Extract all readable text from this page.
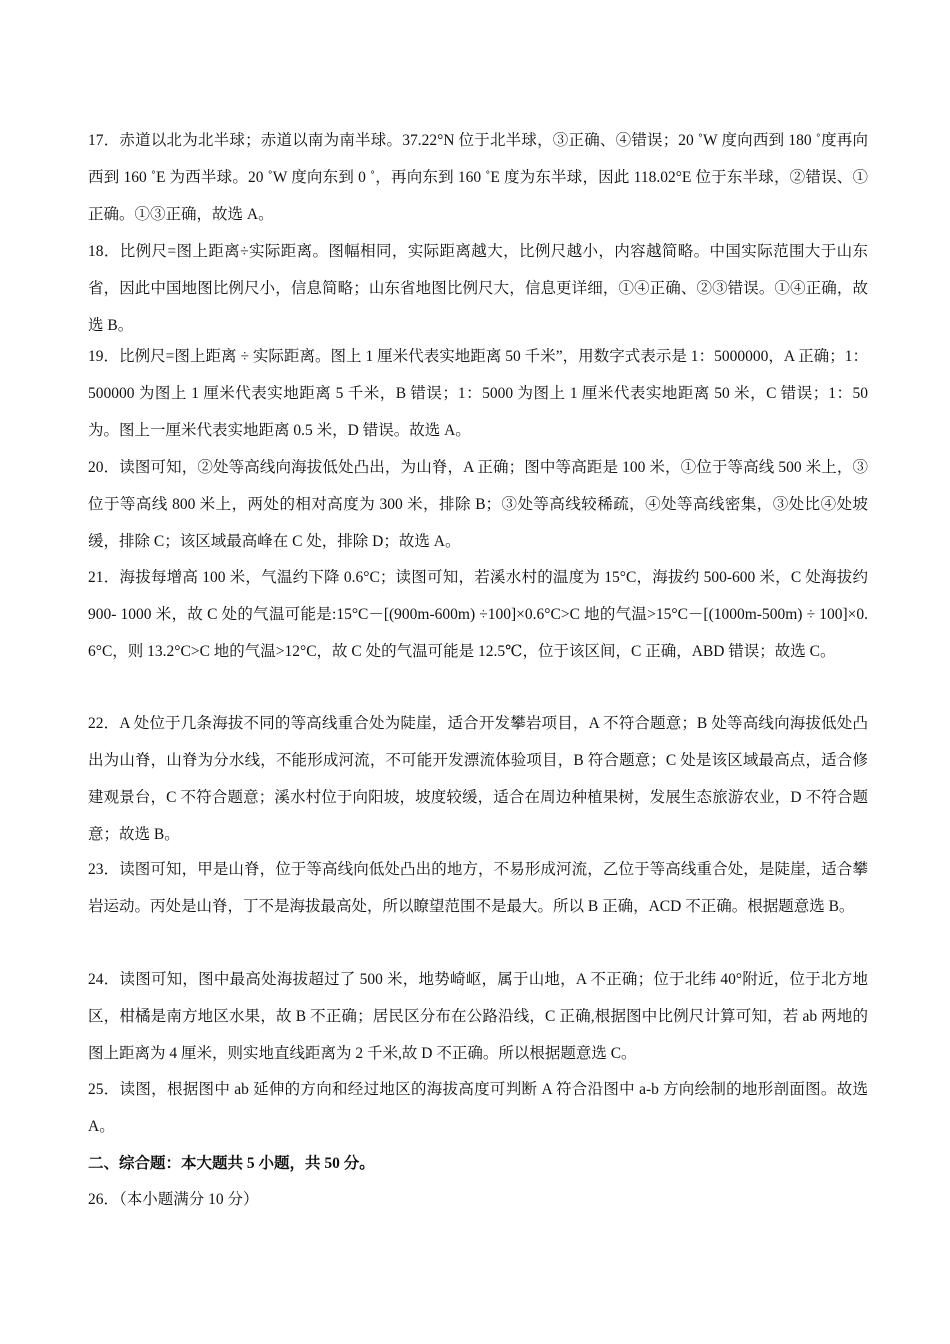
17．赤道以北为北半球；赤道以南为南半球。37.22°N 位于北半球，③正确、④错误；20 ˚W 度向西到 180 ˚度再向西到 160 ˚E 为西半球。20 ˚W 度向东到 0 ˚，再向东到 160 ˚E 度为东半球，因此 118.02°E 位于东半球，②错误、①正确。①③正确，故选 A。

18．比例尺=图上距离÷实际距离。图幅相同，实际距离越大，比例尺越小，内容越简略。中国实际范围大于山东省，因此中国地图比例尺小，信息简略；山东省地图比例尺大，信息更详细，①④正确、②③错误。①④正确，故选 B。

19．比例尺=图上距离 ÷ 实际距离。图上 1 厘米代表实地距离 50 千米”，用数字式表示是 1：5000000，A 正确；1：500000 为图上 1 厘米代表实地距离 5 千米，B 错误；1：5000 为图上 1 厘米代表实地距离 50 米，C 错误；1：50 为。图上一厘米代表实地距离 0.5 米，D 错误。故选 A。

20．读图可知，②处等高线向海拔低处凸出，为山脊，A 正确；图中等高距是 100 米，①位于等高线 500 米上，③位于等高线 800 米上，两处的相对高度为 300 米，排除 B；③处等高线较稀疏，④处等高线密集，③处比④处坡缓，排除 C；该区域最高峰在 C 处，排除 D；故选 A。

21．海拔每增高 100 米，气温约下降 0.6°C；读图可知，若溪水村的温度为 15°C，海拔约 500-600 米，C 处海拔约 900- 1000 米，故 C 处的气温可能是:15°C－[(900m-600m) ÷100]×0.6°C>C 地的气温>15°C－[(1000m-500m) ÷ 100]×0.6°C，则 13.2°C>C 地的气温>12°C，故 C 处的气温可能是 12.5℃，位于该区间，C 正确，ABD 错误；故选 C。

22．A 处位于几条海拔不同的等高线重合处为陡崖，适合开发攀岩项目，A 不符合题意；B 处等高线向海拔低处凸出为山脊，山脊为分水线，不能形成河流，不可能开发漂流体验项目，B 符合题意；C 处是该区域最高点，适合修建观景台，C 不符合题意；溪水村位于向阳坡，坡度较缓，适合在周边种植果树，发展生态旅游农业，D 不符合题意；故选 B。

23．读图可知，甲是山脊，位于等高线向低处凸出的地方，不易形成河流，乙位于等高线重合处，是陡崖，适合攀岩运动。丙处是山脊，丁不是海拔最高处，所以瞭望范围不是最大。所以 B 正确，ACD 不正确。根据题意选 B。

24．读图可知，图中最高处海拔超过了 500 米，地势崎岖，属于山地，A 不正确；位于北纬 40°附近，位于北方地区，柑橘是南方地区水果，故 B 不正确；居民区分布在公路沿线，C 正确,根据图中比例尺计算可知，若 ab 两地的图上距离为 4 厘米，则实地直线距离为 2 千米,故 D 不正确。所以根据题意选 C。

25．读图，根据图中 ab 延伸的方向和经过地区的海拔高度可判断 A 符合沿图中 a-b 方向绘制的地形剖面图。故选 A。

二、综合题：本大题共 5 小题，共 50 分。

26．（本小题满分 10 分）
